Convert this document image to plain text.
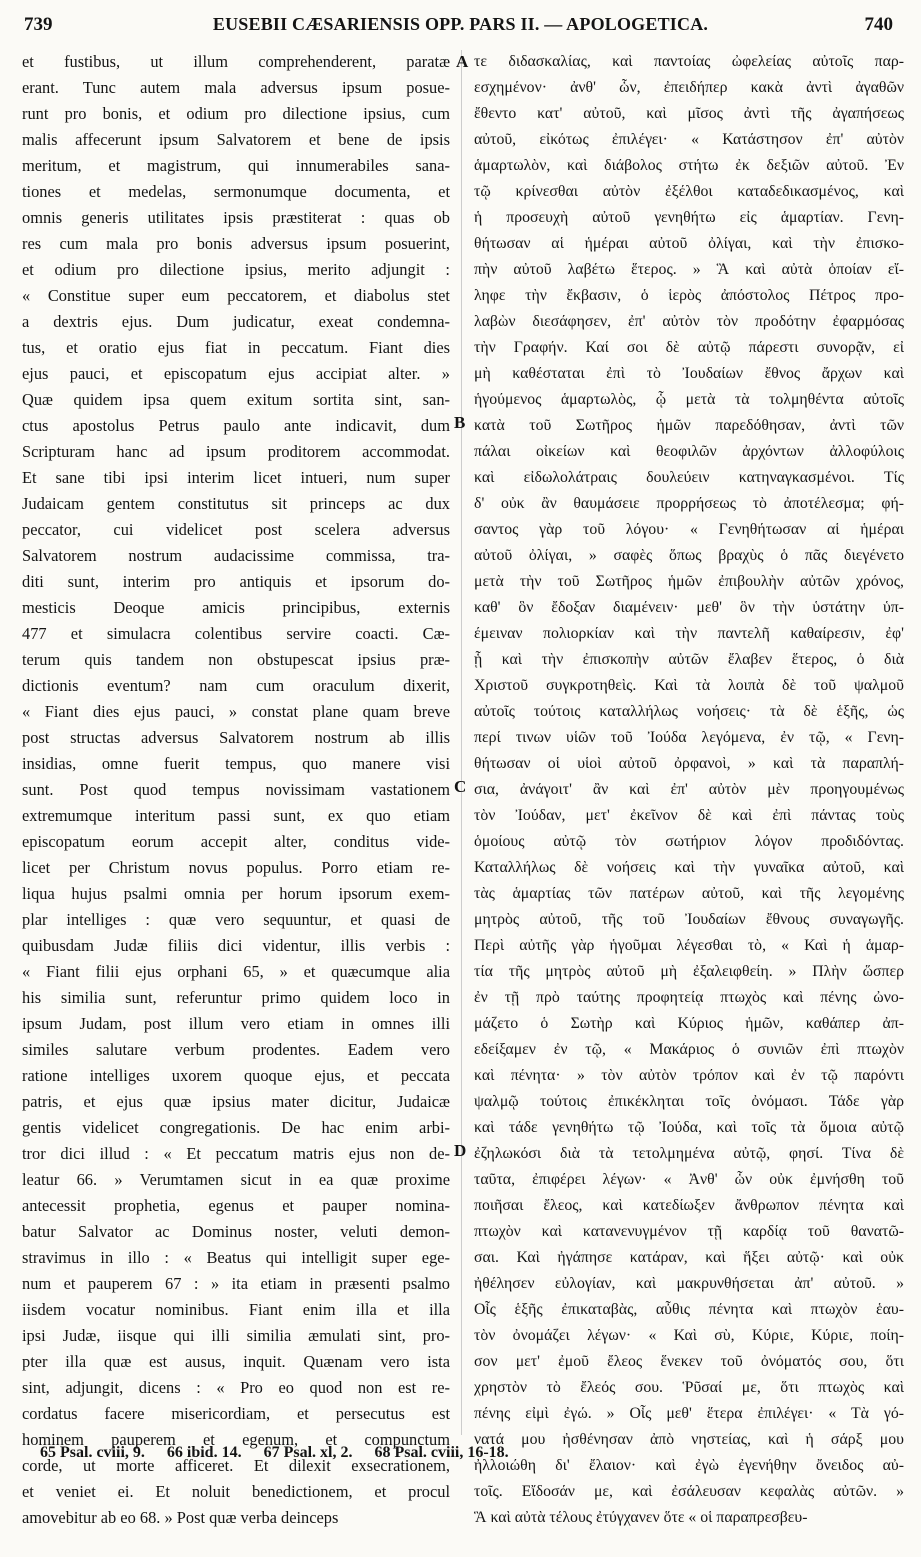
739	EUSEBII CÆSARIENSIS OPP. PARS II. — APOLOGETICA.	740
et fustibus, ut illum comprehenderent, paratæ
erant. Tunc autem mala adversus ipsum posue-
runt pro bonis, et odium pro dilectione ipsius, cum
malis affecerunt ipsum Salvatorem et bene de ipsis
meritum, et magistrum, qui innumerabiles sana-
tiones et medelas, sermonumque documenta, et
omnis generis utilitates ipsis præstiterat : quas ob
res cum mala pro bonis adversus ipsum posuerint,
et odium pro dilectione ipsius, merito adjungit :
« Constitue super eum peccatorem, et diabolus stet
a dextris ejus. Dum judicatur, exeat condemna-
tus, et oratio ejus fiat in peccatum. Fiant dies
ejus pauci, et episcopatum ejus accipiat alter. »
Quæ quidem ipsa quem exitum sortita sint, san-
ctus apostolus Petrus paulo ante indicavit, dum
Scripturam hanc ad ipsum proditorem accommodat.
Et sane tibi ipsi interim licet intueri, num super
Judaicam gentem constitutus sit princeps ac dux
peccator, cui videlicet post scelera adversus
Salvatorem nostrum audacissime commissa, tra-
diti sunt, interim pro antiquis et ipsorum do-
mesticis Deoque amicis principibus, externis
477 et simulacra colentibus servire coacti. Cæ-
terum quis tandem non obstupescat ipsius præ-
dictionis eventum? nam cum oraculum dixerit,
« Fiant dies ejus pauci, » constat plane quam breve
post structas adversus Salvatorem nostrum ab illis
insidias, omne fuerit tempus, quo manere visi
sunt. Post quod tempus novissimam vastationem
extremumque interitum passi sunt, ex quo etiam
episcopatum eorum accepit alter, conditus vide-
licet per Christum novus populus. Porro etiam re-
liqua hujus psalmi omnia per horum ipsorum exem-
plar intelliges : quæ vero sequuntur, et quasi de
quibusdam Judæ filiis dici videntur, illis verbis :
« Fiant filii ejus orphani 65, » et quæcumque alia
his similia sunt, referuntur primo quidem loco in
ipsum Judam, post illum vero etiam in omnes illi
similes salutare verbum prodentes. Eadem vero
ratione intelliges uxorem quoque ejus, et peccata
patris, et ejus quæ ipsius mater dicitur, Judaicæ
gentis videlicet congregationis. De hac enim arbi-
tror dici illud : « Et peccatum matris ejus non de-
leatur 66. » Verumtamen sicut in ea quæ proxime
antecessit prophetia, egenus et pauper nomina-
batur Salvator ac Dominus noster, veluti demon-
stravimus in illo : « Beatus qui intelligit super ege-
num et pauperem 67 : » ita etiam in præsenti psalmo
iisdem vocatur nominibus. Fiant enim illa et illa
ipsi Judæ, iisque qui illi similia æmulati sint, pro-
pter illa quæ est ausus, inquit. Quænam vero ista
sint, adjungit, dicens : « Pro eo quod non est re-
cordatus facere misericordiam, et persecutus est
hominem pauperem et egenum, et compunctum
corde, ut morte afficeret. Et dilexit exsecrationem,
et veniet ei. Et noluit benedictionem, et procul
amovebitur ab eo 68. » Post quæ verba deinceps
τε διδασκαλίας, καὶ παντοίας ὠφελείας αὐτοῖς παρ-
εσχημένον· ἀνθ' ὧν, ἐπειδήπερ κακὰ ἀντὶ ἀγαθῶν
ἔθεντο κατ' αὐτοῦ, καὶ μῖσος ἀντὶ τῆς ἀγαπήσεως
αὐτοῦ, εἰκότως ἐπιλέγει· « Κατάστησον ἐπ' αὐτὸν
ἁμαρτωλὸν, καὶ διάβολος στήτω ἐκ δεξιῶν αὐτοῦ. Ἐν
τῷ κρίνεσθαι αὐτὸν ἐξέλθοι καταδεδικασμένος, καὶ
ἡ προσευχὴ αὐτοῦ γενηθήτω εἰς ἁμαρτίαν. Γενη-
θήτωσαν αἱ ἡμέραι αὐτοῦ ὀλίγαι, καὶ τὴν ἐπισκο-
πὴν αὐτοῦ λαβέτω ἕτερος. » Ἃ καὶ αὐτὰ ὁποίαν εἴ-
ληφε τὴν ἔκβασιν, ὁ ἱερὸς ἀπόστολος Πέτρος προ-
λαβὼν διεσάφησεν, ἐπ' αὐτὸν τὸν προδότην ἐφαρμόσας
τὴν Γραφήν. Καί σοι δὲ αὐτῷ πάρεστι συνορᾷν, εἰ
μὴ καθέσταται ἐπὶ τὸ Ἰουδαίων ἔθνος ἄρχων καὶ
ἡγούμενος ἁμαρτωλὸς, ᾧ μετὰ τὰ τολμηθέντα αὐτοῖς
κατὰ τοῦ Σωτῆρος ἡμῶν παρεδόθησαν, ἀντὶ τῶν
πάλαι οἰκείων καὶ θεοφιλῶν ἀρχόντων ἀλλοφύλοις
καὶ εἰδωλολάτραις δουλεύειν κατηναγκασμένοι. Τίς
δ' οὐκ ἂν θαυμάσειε προρρήσεως τὸ ἀποτέλεσμα; φή-
σαντος γὰρ τοῦ λόγου· « Γενηθήτωσαν αἱ ἡμέραι
αὐτοῦ ὀλίγαι, » σαφὲς ὅπως βραχὺς ὁ πᾶς διεγένετο
μετὰ τὴν τοῦ Σωτῆρος ἡμῶν ἐπιβουλὴν αὐτῶν χρόνος,
καθ' ὃν ἔδοξαν διαμένειν· μεθ' ὃν τὴν ὑστάτην ὑπ-
έμειναν πολιορκίαν καὶ τὴν παντελῆ καθαίρεσιν, ἐφ'
ᾗ καὶ τὴν ἐπισκοπὴν αὐτῶν ἔλαβεν ἕτερος, ὁ διὰ
Χριστοῦ συγκροτηθεὶς. Καὶ τὰ λοιπὰ δὲ τοῦ ψαλμοῦ
αὐτοῖς τούτοις καταλλήλως νοήσεις· τὰ δὲ ἑξῆς, ὡς
περί τινων υἱῶν τοῦ Ἰούδα λεγόμενα, ἐν τῷ, « Γενη-
θήτωσαν οἱ υἱοὶ αὐτοῦ ὀρφανοὶ, » καὶ τὰ παραπλή-
σια, ἀνάγοιτ' ἂν καὶ ἐπ' αὐτὸν μὲν προηγουμένως
τὸν Ἰούδαν, μετ' ἐκεῖνον δὲ καὶ ἐπὶ πάντας τοὺς
ὁμοίους αὐτῷ τὸν σωτήριον λόγον προδιδόντας.
Καταλλήλως δὲ νοήσεις καὶ τὴν γυναῖκα αὐτοῦ, καὶ
τὰς ἁμαρτίας τῶν πατέρων αὐτοῦ, καὶ τῆς λεγομένης
μητρὸς αὐτοῦ, τῆς τοῦ Ἰουδαίων ἔθνους συναγωγῆς.
Περὶ αὐτῆς γὰρ ἡγοῦμαι λέγεσθαι τὸ, « Καὶ ἡ ἁμαρ-
τία τῆς μητρὸς αὐτοῦ μὴ ἐξαλειφθείη. » Πλὴν ὥσπερ
ἐν τῇ πρὸ ταύτης προφητείᾳ πτωχὸς καὶ πένης ὠνο-
μάζετο ὁ Σωτὴρ καὶ Κύριος ἡμῶν, καθάπερ ἀπ-
εδείξαμεν ἐν τῷ, « Μακάριος ὁ συνιῶν ἐπὶ πτωχὸν
καὶ πένητα· » τὸν αὐτὸν τρόπον καὶ ἐν τῷ παρόντι
ψαλμῷ τούτοις ἐπικέκληται τοῖς ὀνόμασι. Τάδε γὰρ
καὶ τάδε γενηθήτω τῷ Ἰούδα, καὶ τοῖς τὰ ὅμοια αὐτῷ
ἐζηλωκόσι διὰ τὰ τετολμημένα αὐτῷ, φησί. Τίνα δὲ
ταῦτα, ἐπιφέρει λέγων· « Ἀνθ' ὧν οὐκ ἐμνήσθη τοῦ
ποιῆσαι ἔλεος, καὶ κατεδίωξεν ἄνθρωπον πένητα καὶ
πτωχὸν καὶ κατανενυγμένον τῇ καρδίᾳ τοῦ θανατῶ-
σαι. Καὶ ἠγάπησε κατάραν, καὶ ἥξει αὐτῷ· καὶ οὐκ
ἠθέλησεν εὐλογίαν, καὶ μακρυνθήσεται ἀπ' αὐτοῦ. »
Οἷς ἑξῆς ἐπικαταβὰς, αὖθις πένητα καὶ πτωχὸν ἑαυ-
τὸν ὀνομάζει λέγων· « Καὶ σὺ, Κύριε, Κύριε, ποίη-
σον μετ' ἐμοῦ ἔλεος ἕνεκεν τοῦ ὀνόματός σου, ὅτι
χρηστὸν τὸ ἔλεός σου. Ῥῦσαί με, ὅτι πτωχὸς καὶ
πένης εἰμὶ ἐγώ. » Οἷς μεθ' ἕτερα ἐπιλέγει· « Τὰ γό-
νατά μου ἠσθένησαν ἀπὸ νηστείας, καὶ ἡ σάρξ μου
ἠλλοιώθη δι' ἔλαιον· καὶ ἐγὼ ἐγενήθην ὄνειδος αὐ-
τοῖς. Εἴδοσάν με, καὶ ἐσάλευσαν κεφαλὰς αὐτῶν. »
Ἃ καὶ αὐτὰ τέλους ἐτύγχανεν ὅτε « οἱ παραπρεσβευ-
A
B
C
D
65 Psal. cviii, 9. 66 ibid. 14. 67 Psal. xl, 2. 68 Psal. cviii, 16-18.
